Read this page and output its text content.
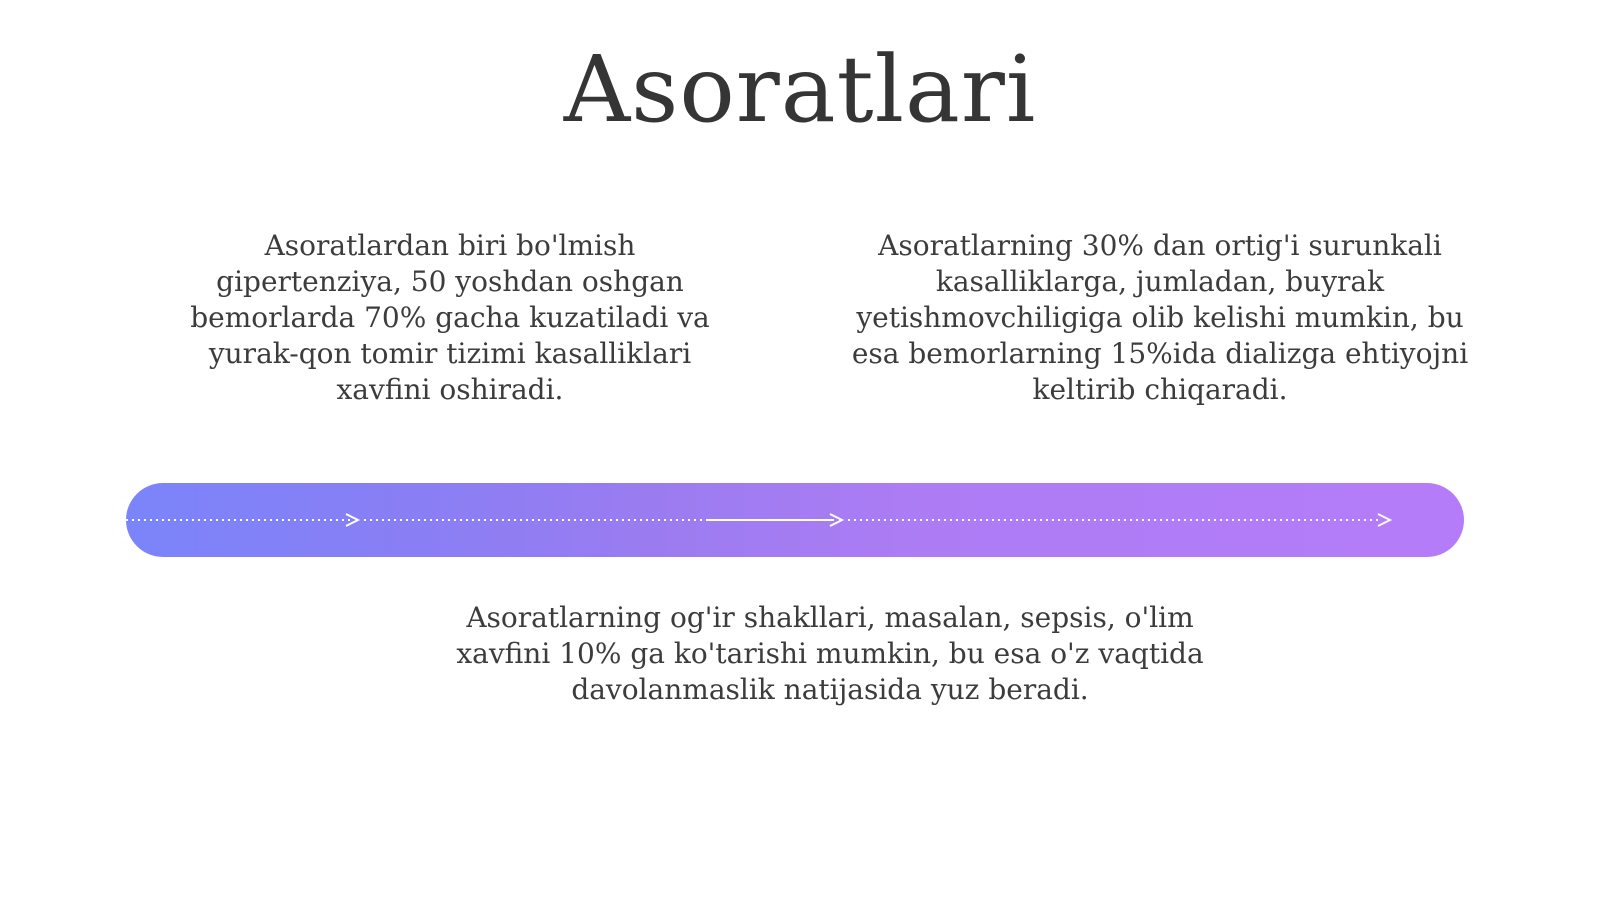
Asoratlari
Asoratlardan biri bo'lmish gipertenziya, 50 yoshdan oshgan bemorlarda 70% gacha kuzatiladi va yurak-qon tomir tizimi kasalliklari xavfini oshiradi.
Asoratlarning 30% dan ortig'i surunkali kasalliklarga, jumladan, buyrak yetishmovchiligiga olib kelishi mumkin, bu esa bemorlarning 15%ida dializga ehtiyojni keltirib chiqaradi.
Asoratlarning og'ir shakllari, masalan, sepsis, o'lim xavfini 10% ga ko'tarishi mumkin, bu esa o'z vaqtida davolanmaslik natijasida yuz beradi.
